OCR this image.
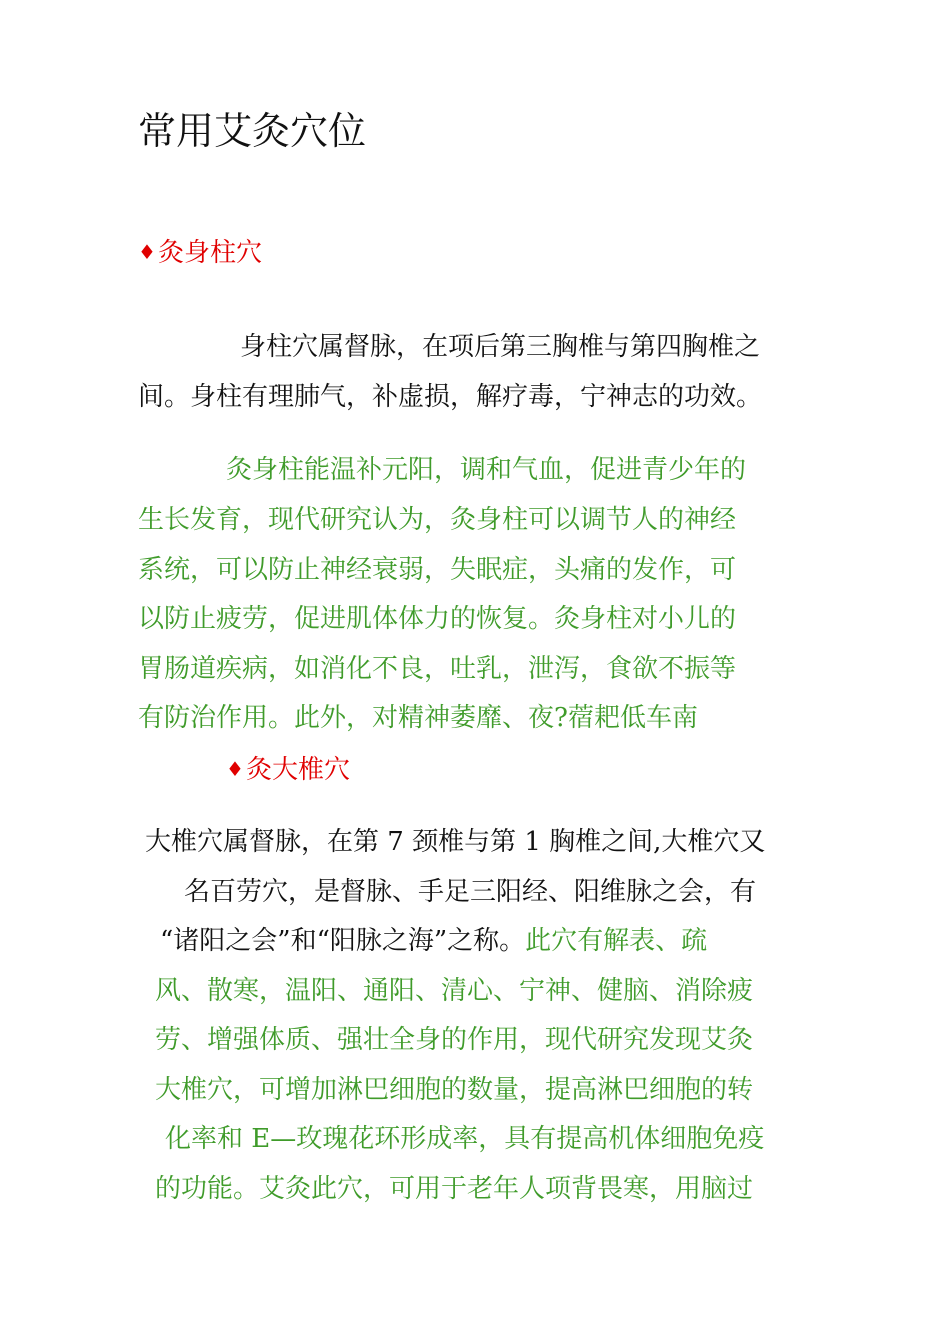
常用艾灸穴位
♦灸身柱穴

身柱穴属督脉，在项后第三胸椎与第四胸椎之

间。身柱有理肺气，补虚损，解疗毒，宁神志的功效。

灸身柱能温补元阳，调和气血，促进青少年的

生长发育，现代研究认为，灸身柱可以调节人的神经

系统，可以防止神经衰弱，失眠症，头痛的发作，可

以防止疲劳，促进肌体体力的恢复。灸身柱对小儿的

胃肠道疾病，如消化不良，吐乳，泄泻，食欲不振等

有防治作用。此外，对精神萎靡、夜?蓿耙低车南

♦灸大椎穴

大椎穴属督脉，在第 7 颈椎与第 1 胸椎之间,大椎穴又

名百劳穴，是督脉、手足三阳经、阳维脉之会，有

“诸阳之会”和“阳脉之海”之称。此穴有解表、疏

风、散寒，温阳、通阳、清心、宁神、健脑、消除疲

劳、增强体质、强壮全身的作用，现代研究发现艾灸

大椎穴，可增加淋巴细胞的数量，提高淋巴细胞的转

化率和 E—玫瑰花环形成率，具有提高机体细胞免疫

的功能。艾灸此穴，可用于老年人项背畏寒，用脑过
